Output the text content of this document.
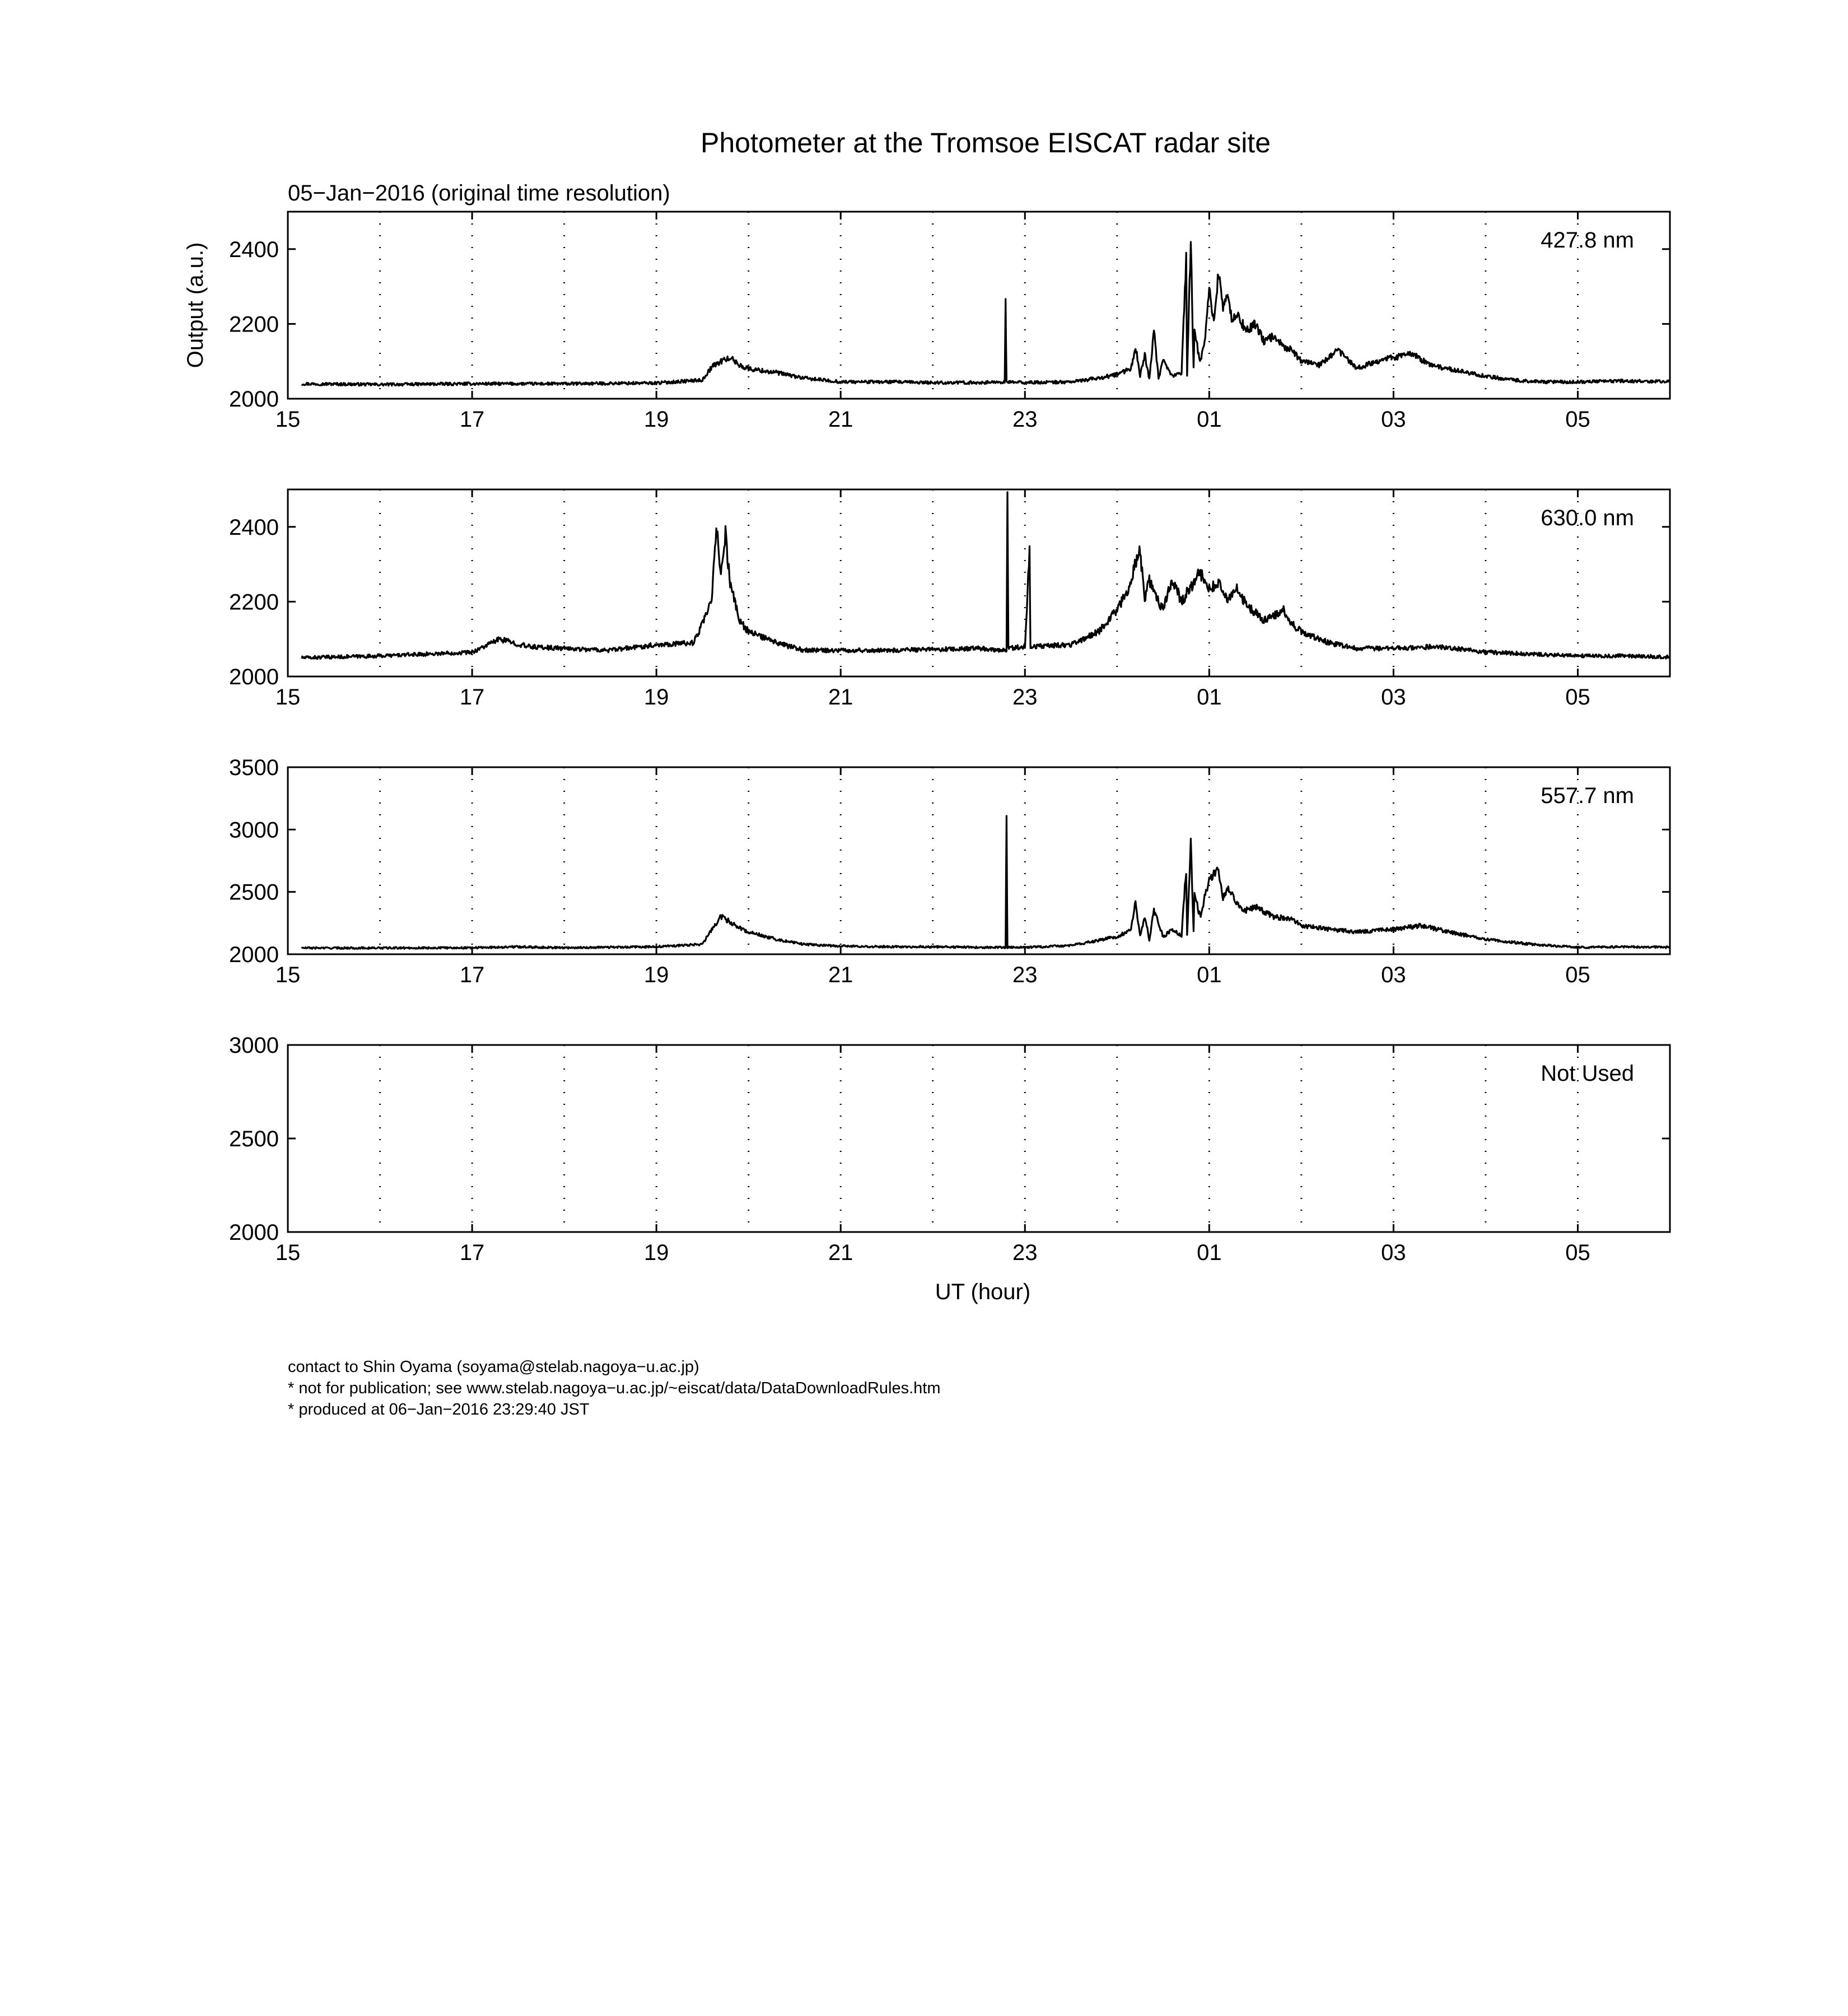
Photometer at the Tromsoe EISCAT radar site
05−Jan−2016 (original time resolution)
Output (a.u.)
UT (hour)
15	17	19	21	23	01	03	05
2000
2200
2400	427.8 nm
15	17	19	21	23	01	03	05
2000
2200
2400	630.0 nm
15	17	19	21	23	01	03	05
2000
2500
3000
3500
557.7 nm
15	17	19	21	23	01	03	05
2000
2500
3000
Not Used
contact to Shin Oyama (soyama@stelab.nagoya−u.ac.jp)
* not for publication; see www.stelab.nagoya−u.ac.jp/~eiscat/data/DataDownloadRules.htm
* produced at 06−Jan−2016 23:29:40 JST
